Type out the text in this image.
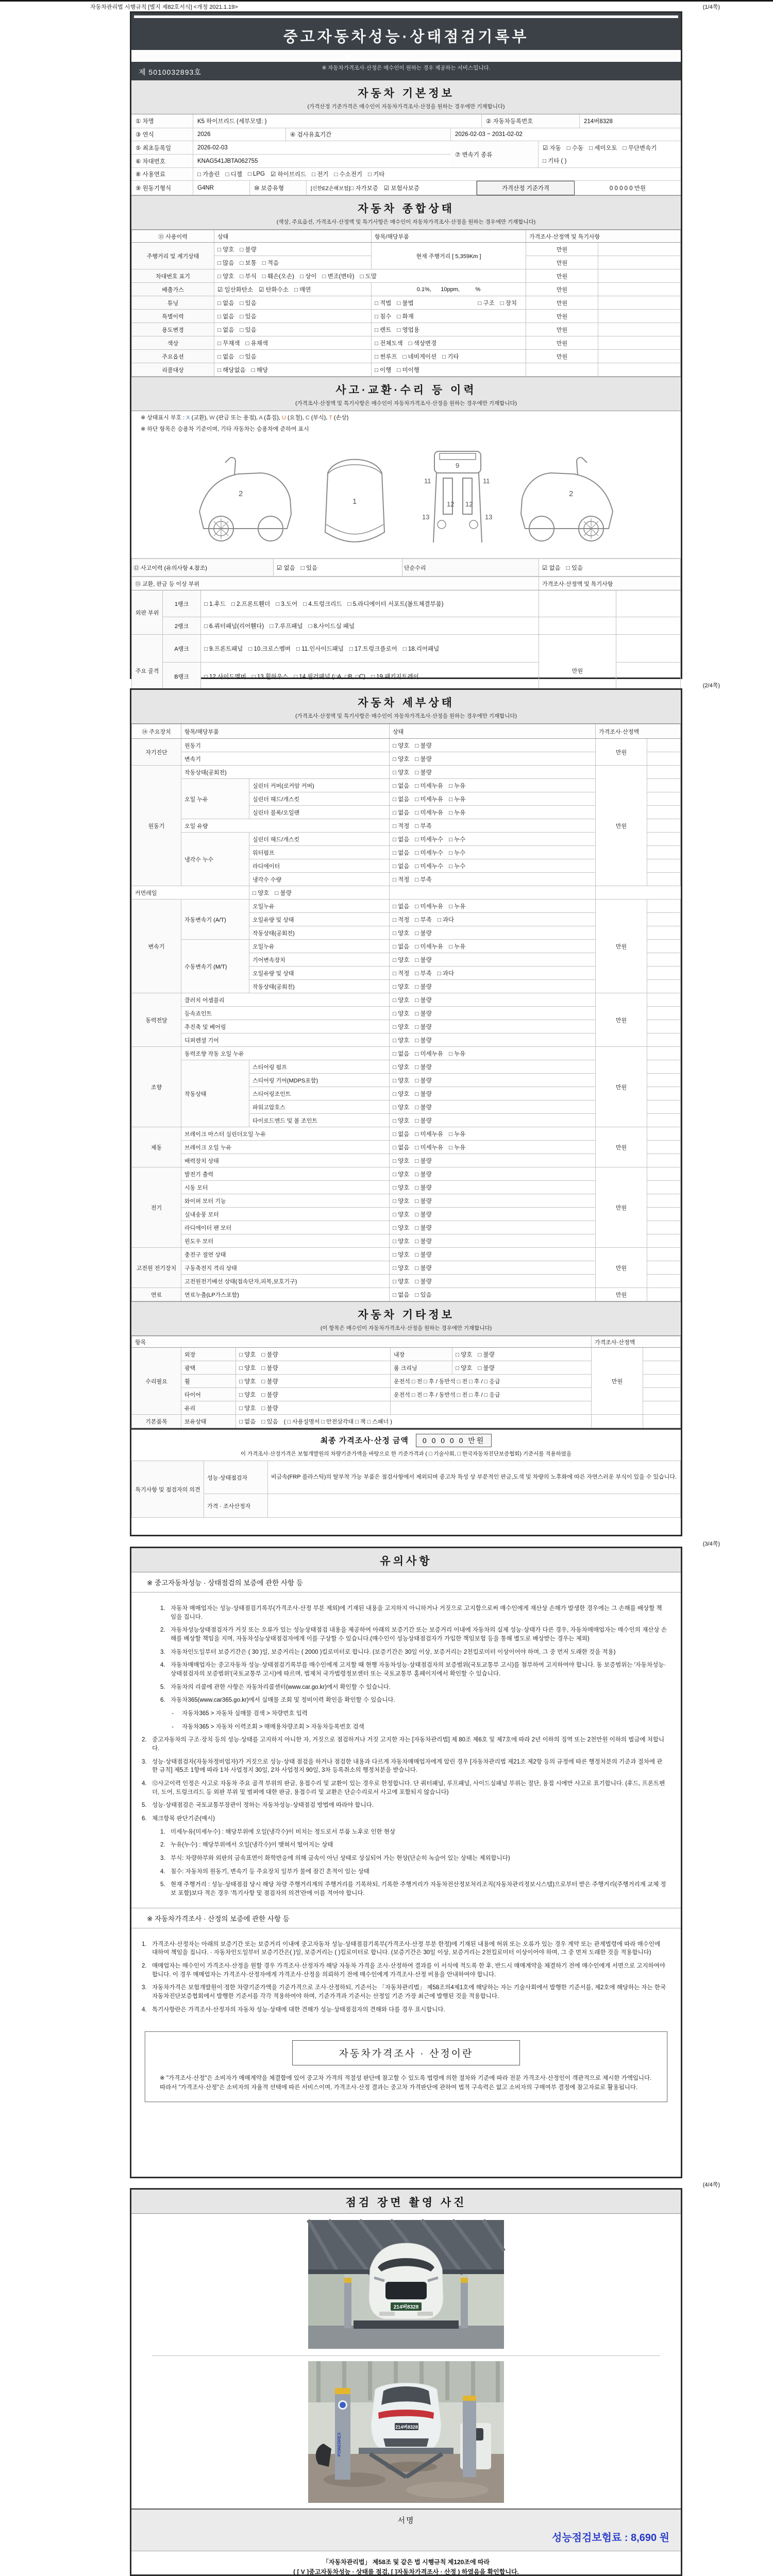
자동차관리법 시행규칙 [별지 제82호서식] <개정 2021.1.19>	(1/4쪽)
중고자동차성능·상태점검기록부
( ■ 자동차가격조사 · 산정 선택 )
※ 자동차가격조사·산정은 매수인이 원하는 경우 제공하는 서비스입니다.
제 5010032893호
자동차 기본정보
(가격산정 기준가격은 매수인이 자동차가격조사·산정을 원하는 경우에만 기재합니다)
① 차명	K5 하이브리드 (세부모델: )	② 자동차등록번호	214버8328
③ 연식	2026	④ 검사유효기간	2026-02-03 ~ 2031-02-02
⑤ 최초등록일	2026-02-03
⑥ 차대번호	KNAG541JBTA062755
⑦ 변속기 종류
☑ 자동 □ 수동 □ 세미오토 □ 무단변속기
□ 기타 ( )
⑧ 사용연료	□ 가솔린 □ 디젤 □ LPG ☑ 하이브리드 □ 전기 □ 수소전기 □ 기타
⑨ 원동기형식	G4NR	⑩ 보증유형	[신한EZ손해보험] □ 자가보증 ☑ 보험사보증	가격산정 기준가격	0 0 0 0 0 만원
자동차 종합상태
(색상, 주요옵션, 가격조사·산정액 및 특기사항은 매수인이 자동차가격조사·산정을 원하는 경우에만 기재합니다)
⑪ 사용이력	상태	항목/해당부품	가격조사·산정액 및 특기사항	
주행거리 및 계기상태	□ 양호 □ 불량	현재 주행거리 [ 5,359Km ]	만원	
	□ 많음 □ 보통 □ 적음		만원	
차대번호 표기	□ 양호 □ 부식 □ 훼손(오손) □ 상이 □ 변조(변타) □ 도말		만원	
배출가스	☑ 일산화탄소 ☑ 탄화수소 □ 매연	0.1%,      10ppm,          %	만원	
튜닝	□ 없음 □ 있음	□ 적법 □ 불법 □ 구조 □ 장치	만원	
특별이력	□ 없음 □ 있음	□ 침수 □ 화재	만원	
용도변경	□ 없음 □ 있음	□ 렌트 □ 영업용	만원	
색상	□ 무채색 □ 유채색	□ 전체도색 □ 색상변경	만원	
주요옵션	□ 없음 □ 있음	□ 썬루프 □ 네비게이션 □ 기타	만원	
리콜대상	□ 해당없음 □ 해당	□ 이행 □ 미이행		
사고·교환·수리 등 이력
(가격조사·산정액 및 특기사항은 매수인이 자동차가격조사·산정을 원하는 경우에만 기재합니다)
※ 상태표시 부호 : X (교환), W (판금 또는 용접), A (흠집), U (요철), C (부식), T (손상)
※ 하단 항목은 승용차 기준이며, 기타 자동차는 승용차에 준하여 표시
2
1
11	11
13	13
12 12
9
2
⑫ 사고이력 (유의사항 4.참조)	☑ 없음 □ 있음	단순수리	☑ 없음 □ 있음
⑬ 교환, 판금 등 이상 부위			가격조사·산정액 및 특기사항	
외판 부위	1랭크	□ 1.후드 □ 2.프론트휀더 □ 3.도어 □ 4.트렁크리드 □ 5.라디에이터 서포트(볼트체결부품)		
	2랭크	□ 6.쿼터패널(리어휀다) □ 7.루프패널 □ 8.사이드실 패널		
주요 골격	A랭크	□ 9.프론트패널 □ 10.크로스멤버 □ 11.인사이드패널 □ 17.트렁크플로어 □ 18.리어패널	만원	
	B랭크	□ 12.사이드멤버 □ 13.휠하우스 □ 14.필러패널 (□A, □B, □C) □ 19.패키지트레이		

(2/4쪽)
자동차 세부상태
(가격조사·산정액 및 특기사항은 매수인이 자동차가격조사·산정을 원하는 경우에만 기재합니다)
⑭ 주요장치	항목/해당부품		상태	가격조사·산정액	
자기진단	원동기		□ 양호 □ 불량	만원	
	변속기		□ 양호 □ 불량		
원동기	작동상태(공회전)		□ 양호 □ 불량	만원	
	오일 누유	실린더 커버(로커암 커버)	□ 없음 □ 미세누유 □ 누유		
		실린더 헤드/개스킷	□ 없음 □ 미세누유 □ 누유		
		실린더 블록/오일팬	□ 없음 □ 미세누유 □ 누유		
	오일 유량		□ 적정 □ 부족		
	냉각수 누수	실린더 헤드/개스킷	□ 없음 □ 미세누수 □ 누수		
		워터펌프	□ 없음 □ 미세누수 □ 누수		
		라디에이터	□ 없음 □ 미세누수 □ 누수		
		냉각수 수량	□ 적정 □ 부족		
커먼레일		□ 양호 □ 불량			
변속기	자동변속기 (A/T)	오일누유	□ 없음 □ 미세누유 □ 누유	만원	
		오일유량 및 상태	□ 적정 □ 부족 □ 과다		
		작동상태(공회전)	□ 양호 □ 불량		
	수동변속기 (M/T)	오일누유	□ 없음 □ 미세누유 □ 누유		
		기어변속장치	□ 양호 □ 불량		
		오일유량 및 상태	□ 적정 □ 부족 □ 과다		
		작동상태(공회전)	□ 양호 □ 불량		
동력전달	클러치 어셈블리		□ 양호 □ 불량	만원	
	등속죠인트		□ 양호 □ 불량		
	추진축 및 베어링		□ 양호 □ 불량		
	디퍼렌셜 기어		□ 양호 □ 불량		
조향	동력조향 작동 오일 누유		□ 없음 □ 미세누유 □ 누유	만원	
	작동상태	스티어링 펌프	□ 양호 □ 불량		
		스티어링 기어(MDPS포함)	□ 양호 □ 불량		
		스티어링조인트	□ 양호 □ 불량		
		파워고압호스	□ 양호 □ 불량		
		타이로드엔드 및 볼 조인트	□ 양호 □ 불량		
제동	브레이크 마스터 실린더오일 누유		□ 없음 □ 미세누유 □ 누유	만원	
	브레이크 오일 누유		□ 없음 □ 미세누유 □ 누유		
	배력장치 상태		□ 양호 □ 불량		
전기	발전기 출력		□ 양호 □ 불량	만원	
	시동 모터		□ 양호 □ 불량		
	와이퍼 모터 기능		□ 양호 □ 불량		
	실내송풍 모터		□ 양호 □ 불량		
	라디에이터 팬 모터		□ 양호 □ 불량		
	윈도우 모터		□ 양호 □ 불량		
고전원 전기장치	충전구 절연 상태		□ 양호 □ 불량	만원	
	구동축전지 격리 상태		□ 양호 □ 불량		
	고전원전기배선 상태(접속단자,피복,보호기구)		□ 양호 □ 불량		
연료	연료누출(LP가스포함)		□ 없음 □ 있음	만원	
자동차 기타정보
(이 항목은 매수인이 자동차가격조사·산정을 원하는 경우에만 기재합니다)
항목					가격조사·산정액	
수리필요	외장	□ 양호 □ 불량	내장	□ 양호 □ 불량	만원	
	광택	□ 양호 □ 불량	룸 크리닝	□ 양호 □ 불량		
	휠	□ 양호 □ 불량	운전석 □ 전 □ 후 / 동반석 □ 전 □ 후 / □ 응급			
	타이어	□ 양호 □ 불량	운전석 □ 전 □ 후 / 동반석 □ 전 □ 후 / □ 응급			
	유리	□ 양호 □ 불량				
기본품목	보유상태	□ 없음 □ 있음 ( □ 사용설명서 □ 안전삼각대 □ 잭 □ 스패너 )				
최종 가격조사·산정 금액 0 0 0 0 0 만원
이 가격조사·산정가격은 보험개발원의 차량기준가액을 바탕으로 한 기준가격과 ( □ 기술사회, □ 한국자동차진단보증협회) 기준서를 적용하였음
특기사항 및 점검자의 의견	성능·상태점검자	비금속(FRP 플라스틱)의 탈부착 가능 부품은 점검사항에서 제외되며 중고차 특성 상 부분적인 판금,도색 및 차량의 노후화에 따른 자연스러운 부식이 있을 수 있습니다.
	가격 · 조사산정자	
(3/4쪽)
유의사항
※ 중고자동차성능 · 상태점검의 보증에 관한 사항 등
1. 자동차 매매업자는 성능·상태점검기록부(가격조사·산정 부분 제외)에 기재된 내용을 고지하지 아니하거나 거짓으로 고지함으로써 매수인에게 재산상 손해가 발생한 경우에는 그 손해를 배상할 책임을 집니다.
2. 자동차성능상태점검자가 거짓 또는 오류가 있는 성능상태점검 내용을 제공하여 아래의 보증기간 또는 보증거리 이내에 자동차의 실제 성능·상태가 다른 경우, 자동차매매업자는 매수인의 재산상 손해를 배상할 책임을 지며, 자동차성능상태점검자에게 이를 구상할 수 있습니다.(매수인이 성능상태점검자가 가입한 책임보험 등을 통해 별도로 배상받는 경우는 제외)
3. 자동차인도일부터 보증기간은 ( 30 )일, 보증거리는 ( 2000 )킬로미터로 합니다. (보증기간은 30일 이상, 보증거리는 2천킬로미터 이상이어야 하며, 그 중 먼저 도래한 것을 적용)
4. 자동차매매업자는 중고자동차 성능·상태점검기록부를 매수인에게 고지할 때 현행 자동차성능·상태점검자의 보증범위(국토교통부 고시)를 첨부하여 고지하여야 합니다. 동 보증범위는 '자동차성능·상태점검자의 보증범위'(국토교통부 고시)에 따르며, 법제처 국가법령정보센터 또는 국토교통부 홈페이지에서 확인할 수 있습니다.
5. 자동차의 리콜에 관한 사항은 자동차리콜센터(www.car.go.kr)에서 확인할 수 있습니다.
6. 자동차365(www.car365.go.kr)에서 실매물 조회 및 정비이력 확인을 확인할 수 있습니다.
-	자동차365 > 자동차 실매물 검색 > 차량번호 입력
-	자동차365 > 자동차 이력조회 > 매매용차량조회 > 자동차등록번호 검색
2. 중고자동차의 구조·장치 등의 성능·상태를 고지하지 아니한 자, 거짓으로 점검하거나 거짓 고지한 자는 [자동차관리법] 제 80조 제6호 및 제7호에 따라 2년 이하의 징역 또는 2천만원 이하의 벌금에 처합니다.
3. 성능·상태점검자(자동차정비업자)가 거짓으로 성능·상태 점검을 하거나 점검한 내용과 다르게 자동차매매업자에게 알린 경우 [자동차관리법 제21조 제2항 등의 규정에 따른 행정처분의 기준과 절차에 관한 규칙] 제5조 1항에 따라 1차 사업정지 30일, 2차 사업정지 90일, 3차 등록취소의 행정처분을 받습니다.
4. ⑫사고이력 인정은 사고로 자동차 주요 골격 부위의 판금, 용접수리 및 교환이 있는 경우로 한정합니다. 단 쿼터패널, 루프패널, 사이드실패널 부위는 절단, 용접 시에만 사고로 표기합니다. (후드, 프론트펜더, 도어, 트렁크리드 등 외판 부위 및 범퍼에 대한 판금, 용접수리 및 교환은 단순수리로서 사고에 포함되지 않습니다)
5. 성능·상태점검은 국토교통부장관이 정하는 자동차성능·상태점검 방법에 따라야 합니다.
6. 체크항목 판단기준(예시)
1. 미세누유(미세누수) : 해당부위에 오일(냉각수)이 비치는 정도로서 부품 노후로 인한 현상
2. 누유(누수) : 해당부위에서 오일(냉각수)이 맺혀서 떨어지는 상태
3. 부식: 차량하부와 외판의 금속표면이 화학반응에 의해 금속이 아닌 상태로 상실되어 가는 현상(단순히 녹슬어 있는 상태는 제외합니다)
4. 침수: 자동차의 원동기, 변속기 등 주요장치 일부가 물에 잠긴 흔적이 있는 상태
5. 현재 주행거리 : 성능·상태점검 당시 해당 차량 주행거리계의 주행거리를 기록하되, 기록한 주행거리가 자동차전산정보처리조직(자동차관리정보시스템)으로부터 받은 주행거리(주행거리계 교체 정보 포함)보다 적은 경우 '특기사항 및 점검자의 의견'란에 이를 적어야 합니다.
※ 자동차가격조사 · 산정의 보증에 관한 사항 등
1. 가격조사·산정자는 아래의 보증기간 또는 보증거리 이내에 중고자동차 성능·상태점검기록부(가격조사·산정 부분 한정)에 기재된 내용에 허위 또는 오류가 있는 경우 계약 또는 관계법령에 따라 매수인에 대하여 책임을 집니다. · 자동차인도일부터 보증기간은( )일, 보증거리는 ( )킬로미터로 합니다. (보증기간은 30일 이상, 보증거리는 2천킬로미터 이상이어야 하며, 그 중 먼저 도래한 것을 적용합니다)
2. 매매업자는 매수인이 가격조사·산정을 원할 경우 가격조사·산정자가 해당 자동차 가격을 조사·산정하여 결과를 이 서식에 적도록 한 후, 반드시 매매계약을 체결하기 전에 매수인에게 서면으로 고지하여야 합니다. 이 경우 매매업자는 가격조사·산정자에게 가격조사·산정을 의뢰하기 전에 매수인에게 가격조사·산정 비용을 안내하여야 합니다.
3. 자동차가격은 보험개발원이 정한 차량기준가액을 기준가격으로 조사·산정하되, 기준서는 「자동차관리법」 제58조의4제1호에 해당하는 자는 기술사회에서 발행한 기준서를, 제2호에 해당하는 자는 한국자동차진단보증협회에서 발행한 기준서를 각각 적용하여야 하며, 기준가격과 기준서는 산정일 기준 가장 최근에 발행된 것을 적용합니다.
4. 특기사항란은 가격조사·산정자의 자동차 성능·상태에 대한 견해가 성능·상태점검자의 견해와 다를 경우 표시합니다.
자동차가격조사 · 산정이란
※ "가격조사·산정"은 소비자가 매매계약을 체결함에 있어 중고차 가격의 적절성 판단에 참고할 수 있도록 법령에 의한 절차와 기준에 따라 전문 가격조사·산정인이 객관적으로 제시한 가액입니다. 따라서 "가격조사·산정"은 소비자의 자율적 선택에 따른 서비스이며, 가격조사·산정 결과는 중고차 가격판단에 관하여 법적 구속력은 없고 소비자의 구매여부 결정에 참고자료로 활용됩니다.
(4/4쪽)
점검 장면 촬영 사진
214버8328
POWERREX
214버8328
서명
성능점검보험료 : 8,690 원
「자동차관리법」 제58조 및 같은 법 시행규칙 제120조에 따라
( [ V ]중고자동차성능 · 상태를 점검, [ ]자동차가격조사 · 산정 ) 하였음을 확인합니다.
